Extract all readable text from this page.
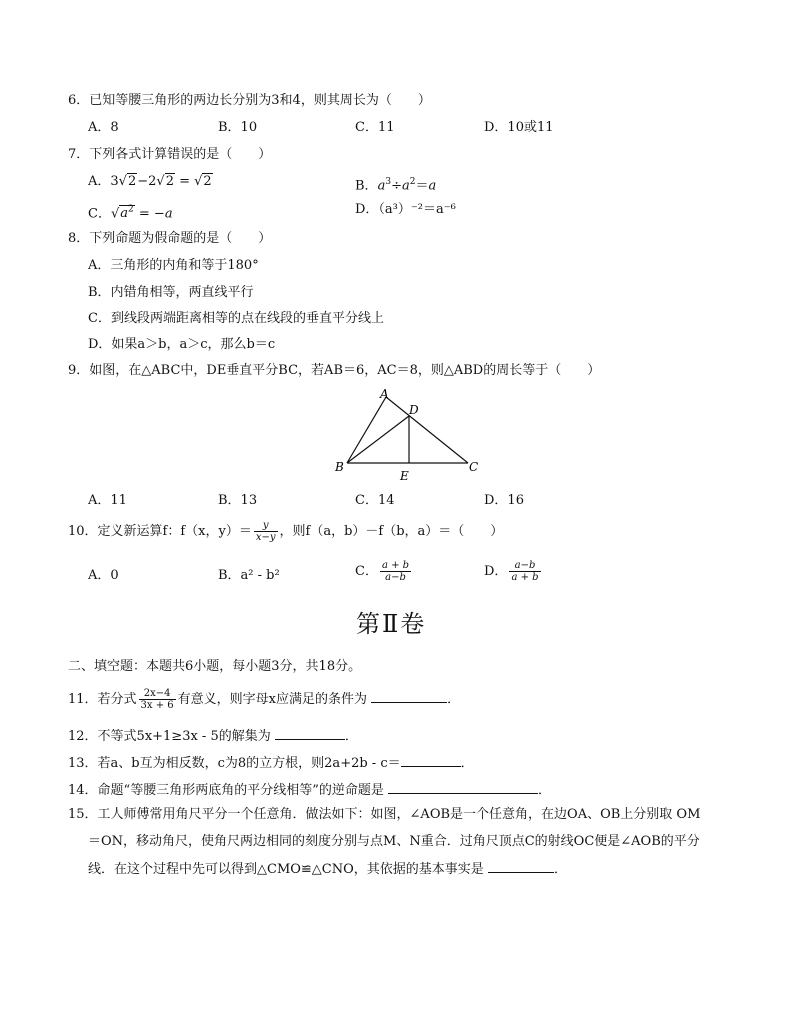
6．已知等腰三角形的两边长分别为3和4，则其周长为（　　）
A．8	B．10	C．11	D．10或11
7．下列各式计算错误的是（　　）
A．3√2−2√2 = √2	B．$a^3\div a^2=a$
C．$√a^2 = -a$	D．（a³）⁻²＝a⁻⁶
8．下列命题为假命题的是（　　）
A．三角形的内角和等于180°
B．内错角相等，两直线平行
C．到线段两端距离相等的点在线段的垂直平分线上
D．如果a＞b，a＞c，那么b＝c
9．如图，在△ABC中，DE垂直平分BC，若AB＝6，AC＝8，则△ABD的周长等于（　　）
A
D
B
E
C
A．11	B．13	C．14	D．16
10．定义新运算f：f（x，$y)= \frac{y}{x-y}$ ，则f（a，b）－f（b，a）＝（　　）
A．0	B．a² - b²	C． $\frac{a + b}{a-b}$	D． $\frac{a-b}{a + b}$
第Ⅱ卷
二、填空题：本题共6小题，每小题3分，共18分。
11．若分式 $\frac{2x-4}{3x + 6}$ 有意义，则字母x应满足的条件为	．
12．不等式5x+1≥3x - 5的解集为	．
13．若a、b互为相反数，c为8的立方根，则2a+2b - c＝	．
14．命题“等腰三角形两底角的平分线相等”的逆命题是	．
15．工人师傅常用角尺平分一个任意角．做法如下：如图，∠AOB是一个任意角，在边OA、OB上分别取 OM
＝ON，移动角尺，使角尺两边相同的刻度分别与点M、N重合．过角尺顶点C的射线OC便是∠AOB的平分
线．在这个过程中先可以得到△CMO≌△CNO，其依据的基本事实是	．
